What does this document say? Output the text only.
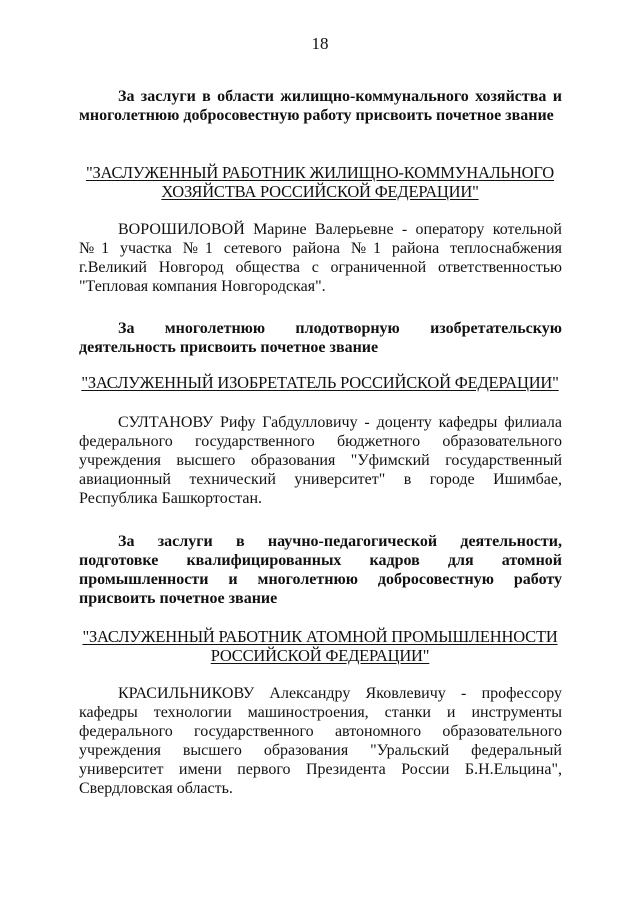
18
За заслуги в области жилищно-коммунального хозяйства и многолетнюю добросовестную работу присвоить почетное звание
"ЗАСЛУЖЕННЫЙ РАБОТНИК ЖИЛИЩНО-КОММУНАЛЬНОГО
ХОЗЯЙСТВА РОССИЙСКОЙ ФЕДЕРАЦИИ"
ВОРОШИЛОВОЙ Марине Валерьевне - оператору котельной №1 участка №1 сетевого района №1 района теплоснабжения г.Великий Новгород общества с ограниченной ответственностью "Тепловая компания Новгородская".
За многолетнюю плодотворную изобретательскую деятельность присвоить почетное звание
"ЗАСЛУЖЕННЫЙ ИЗОБРЕТАТЕЛЬ РОССИЙСКОЙ ФЕДЕРАЦИИ"
СУЛТАНОВУ Рифу Габдулловичу - доценту кафедры филиала федерального государственного бюджетного образовательного учреждения высшего образования "Уфимский государственный авиационный технический университет" в городе Ишимбае, Республика Башкортостан.
За заслуги в научно-педагогической деятельности, подготовке квалифицированных кадров для атомной промышленности и многолетнюю добросовестную работу присвоить почетное звание
"ЗАСЛУЖЕННЫЙ РАБОТНИК АТОМНОЙ ПРОМЫШЛЕННОСТИ
РОССИЙСКОЙ ФЕДЕРАЦИИ"
КРАСИЛЬНИКОВУ Александру Яковлевичу - профессору кафедры технологии машиностроения, станки и инструменты федерального государственного автономного образовательного учреждения высшего образования "Уральский федеральный университет имени первого Президента России Б.Н.Ельцина", Свердловская область.
